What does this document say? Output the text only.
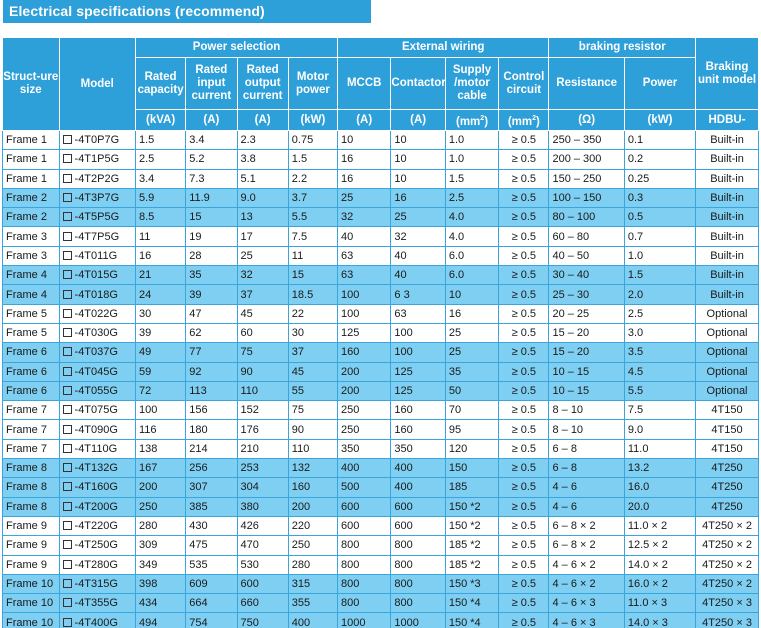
Electrical specifications (recommend)
Struct-ure size	Model	Power selection				External wiring				braking resistor		Braking unit model
		Rated capacity	Rated input current	Rated output current	Motor power	MCCB	Contactor	Supply /motor cable	Control circuit	Resistance	Power	
		(kVA)	(A)	(A)	(kW)	(A)	(A)	$(mm^2)$	$(mm^2)$	(Ω)	(kW)	HDBU-
Frame 1	-4T0P7G	1.5	3.4	2.3	0.75	10	10	1.0	≥ 0.5	250 – 350	0.1	Built-in
Frame 1	-4T1P5G	2.5	5.2	3.8	1.5	16	10	1.0	≥ 0.5	200 – 300	0.2	Built-in
Frame 1	-4T2P2G	3.4	7.3	5.1	2.2	16	10	1.5	≥ 0.5	150 – 250	0.25	Built-in
Frame 2	-4T3P7G	5.9	11.9	9.0	3.7	25	16	2.5	≥ 0.5	100 – 150	0.3	Built-in
Frame 2	-4T5P5G	8.5	15	13	5.5	32	25	4.0	≥ 0.5	80 – 100	0.5	Built-in
Frame 3	-4T7P5G	11	19	17	7.5	40	32	4.0	≥ 0.5	60 – 80	0.7	Built-in
Frame 3	-4T011G	16	28	25	11	63	40	6.0	≥ 0.5	40 – 50	1.0	Built-in
Frame 4	-4T015G	21	35	32	15	63	40	6.0	≥ 0.5	30 – 40	1.5	Built-in
Frame 4	-4T018G	24	39	37	18.5	100	6 3	10	≥ 0.5	25 – 30	2.0	Built-in
Frame 5	-4T022G	30	47	45	22	100	63	16	≥ 0.5	20 – 25	2.5	Optional
Frame 5	-4T030G	39	62	60	30	125	100	25	≥ 0.5	15 – 20	3.0	Optional
Frame 6	-4T037G	49	77	75	37	160	100	25	≥ 0.5	15 – 20	3.5	Optional
Frame 6	-4T045G	59	92	90	45	200	125	35	≥ 0.5	10 – 15	4.5	Optional
Frame 6	-4T055G	72	113	110	55	200	125	50	≥ 0.5	10 – 15	5.5	Optional
Frame 7	-4T075G	100	156	152	75	250	160	70	≥ 0.5	8 – 10	7.5	4T150
Frame 7	-4T090G	116	180	176	90	250	160	95	≥ 0.5	8 – 10	9.0	4T150
Frame 7	-4T110G	138	214	210	110	350	350	120	≥ 0.5	6 – 8	11.0	4T150
Frame 8	-4T132G	167	256	253	132	400	400	150	≥ 0.5	6 – 8	13.2	4T250
Frame 8	-4T160G	200	307	304	160	500	400	185	≥ 0.5	4 – 6	16.0	4T250
Frame 8	-4T200G	250	385	380	200	600	600	150 *2	≥ 0.5	4 – 6	20.0	4T250
Frame 9	-4T220G	280	430	426	220	600	600	150 *2	≥ 0.5	6 – 8 × 2	11.0 × 2	4T250 × 2
Frame 9	-4T250G	309	475	470	250	800	800	185 *2	≥ 0.5	6 – 8 × 2	12.5 × 2	4T250 × 2
Frame 9	-4T280G	349	535	530	280	800	800	185 *2	≥ 0.5	4 – 6 × 2	14.0 × 2	4T250 × 2
Frame 10	-4T315G	398	609	600	315	800	800	150 *3	≥ 0.5	4 – 6 × 2	16.0 × 2	4T250 × 2
Frame 10	-4T355G	434	664	660	355	800	800	150 *4	≥ 0.5	4 – 6 × 3	11.0 × 3	4T250 × 3
Frame 10	-4T400G	494	754	750	400	1000	1000	150 *4	≥ 0.5	4 – 6 × 3	14.0 × 3	4T250 × 3
